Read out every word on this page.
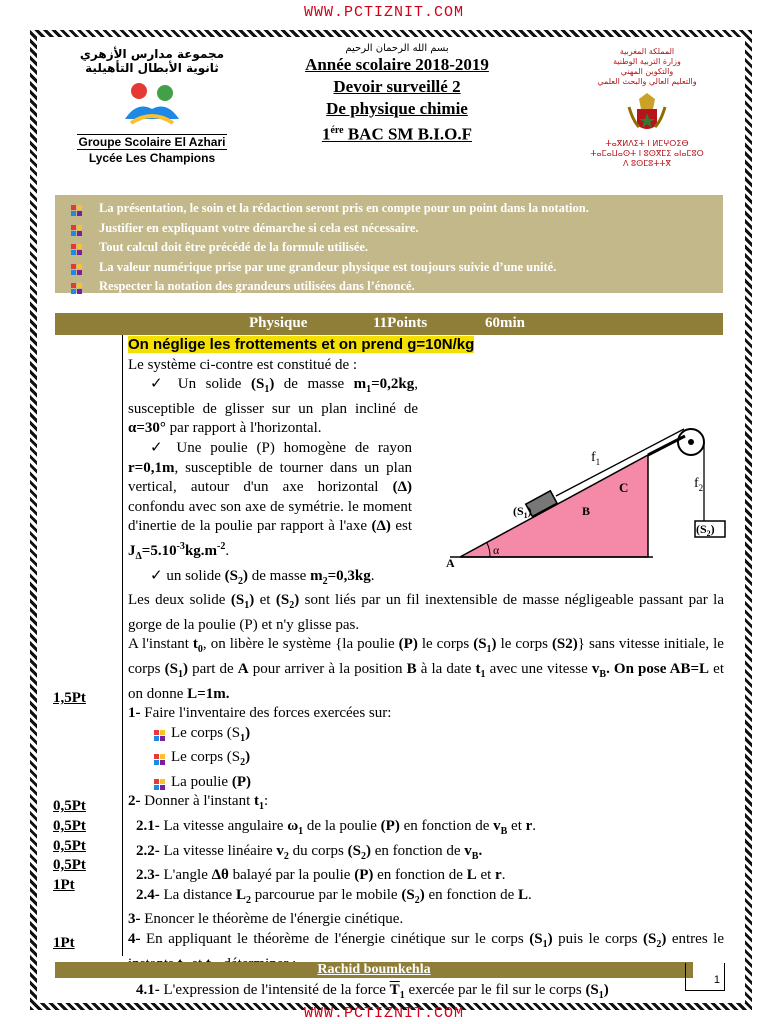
WWW.PCTIZNIT.COM
مجموعة مدارس الأزهري
ثانوية الأبطال التأهيلية
Groupe Scolaire El Azhari
Lycée Les Champions
بسم الله الرحمان الرحيم
Année scolaire 2018-2019
Devoir surveillé 2
De physique chimie
$1^{ére}$ BAC SM B.I.O.F
المملكة المغربية
وزارة التربية الوطنية
والتكوين المهني
والتعليم العالي والبحث العلمي
ⵜⴰⴳⵍⴷⵉⵜ ⵏ ⵍⵎⵖⵔⵉⴱ
ⵜⴰⵎⴰⵡⴰⵙⵜ ⵏ ⵓⵙⴳⵎⵉ ⴰⵏⴰⵎⵓⵔ
ⴷ ⵓⵙⵎⵓⵜⵜⴳ
La présentation, le soin et la rédaction seront pris en compte pour un point dans la notation.
Justifier en expliquant votre démarche si cela est nécessaire.
Tout calcul doit être précédé de la formule utilisée.
La valeur numérique prise par une grandeur physique est toujours suivie d’une unité.
Respecter la notation des grandeurs utilisées dans l’énoncé.
Physique	11Points	60min
1,5Pt
0,5Pt
0,5Pt
0,5Pt
0,5Pt
1Pt
1Pt
$f_1$
$f_2$
C
B
A
α
$(S_1)$
$(S_2)$

On néglige les frottements et on prend g=10N/kg

Le système ci-contre est constitué de :

✓ Un solide $(S_1)$ de masse $m_1=0,2kg$, susceptible de glisser sur un plan incliné de α=30° par rapport à l'horizontal.
✓ Une poulie (P) homogène de rayon r=0,1m, susceptible de tourner dans un plan vertical, autour d'un axe horizontal (Δ) confondu avec son axe de symétrie. le moment d'inertie de la poulie par rapport à l'axe (Δ) est $J_\Delta=5.10^{-3}kg.m^{-2}$.

✓ un solide $(S_2)$ de masse $m_2=0,3kg$.

Les deux solide $(S_1)$ et $(S_2)$ sont liés par un fil inextensible de masse négligeable passant par la gorge de la poulie (P) et n'y glisse pas.

A l'instant $t_0$, on libère le système {la poulie (P) le corps $(S_1)$ le corps (S2)} sans vitesse initiale, le corps $(S_1)$ part de A pour arriver à la position B à la date $t_1$ avec une vitesse $v_B$. On pose AB=L et on donne L=1m.

1- Faire l'inventaire des forces exercées sur:

Le corps $(S_1)$

Le corps $(S_2)$

La poulie (P)

2- Donner à l'instant $t_1$:

2.1- La vitesse angulaire $\omega_1$ de la poulie (P) en fonction de $v_B$ et r.

2.2- La vitesse linéaire $v_2$ du corps $(S_2)$ en fonction de $v_B$.

2.3- L'angle Δθ balayé par la poulie (P) en fonction de L et r.

2.4- La distance $L_2$ parcourue par le mobile $(S_2)$ en fonction de L.

3- Enoncer le théorème de l'énergie cinétique.

4- En appliquant le théorème de l'énergie cinétique sur le corps $(S_1)$ puis le corps $(S_2)$ entres le

4.1- L'expression de l'intensité de la force $\overline{T}_1$ exercée par le fil sur le corps $(S_1)$

Rachid boumkehla
1
WWW.PCTIZNIT.COM
